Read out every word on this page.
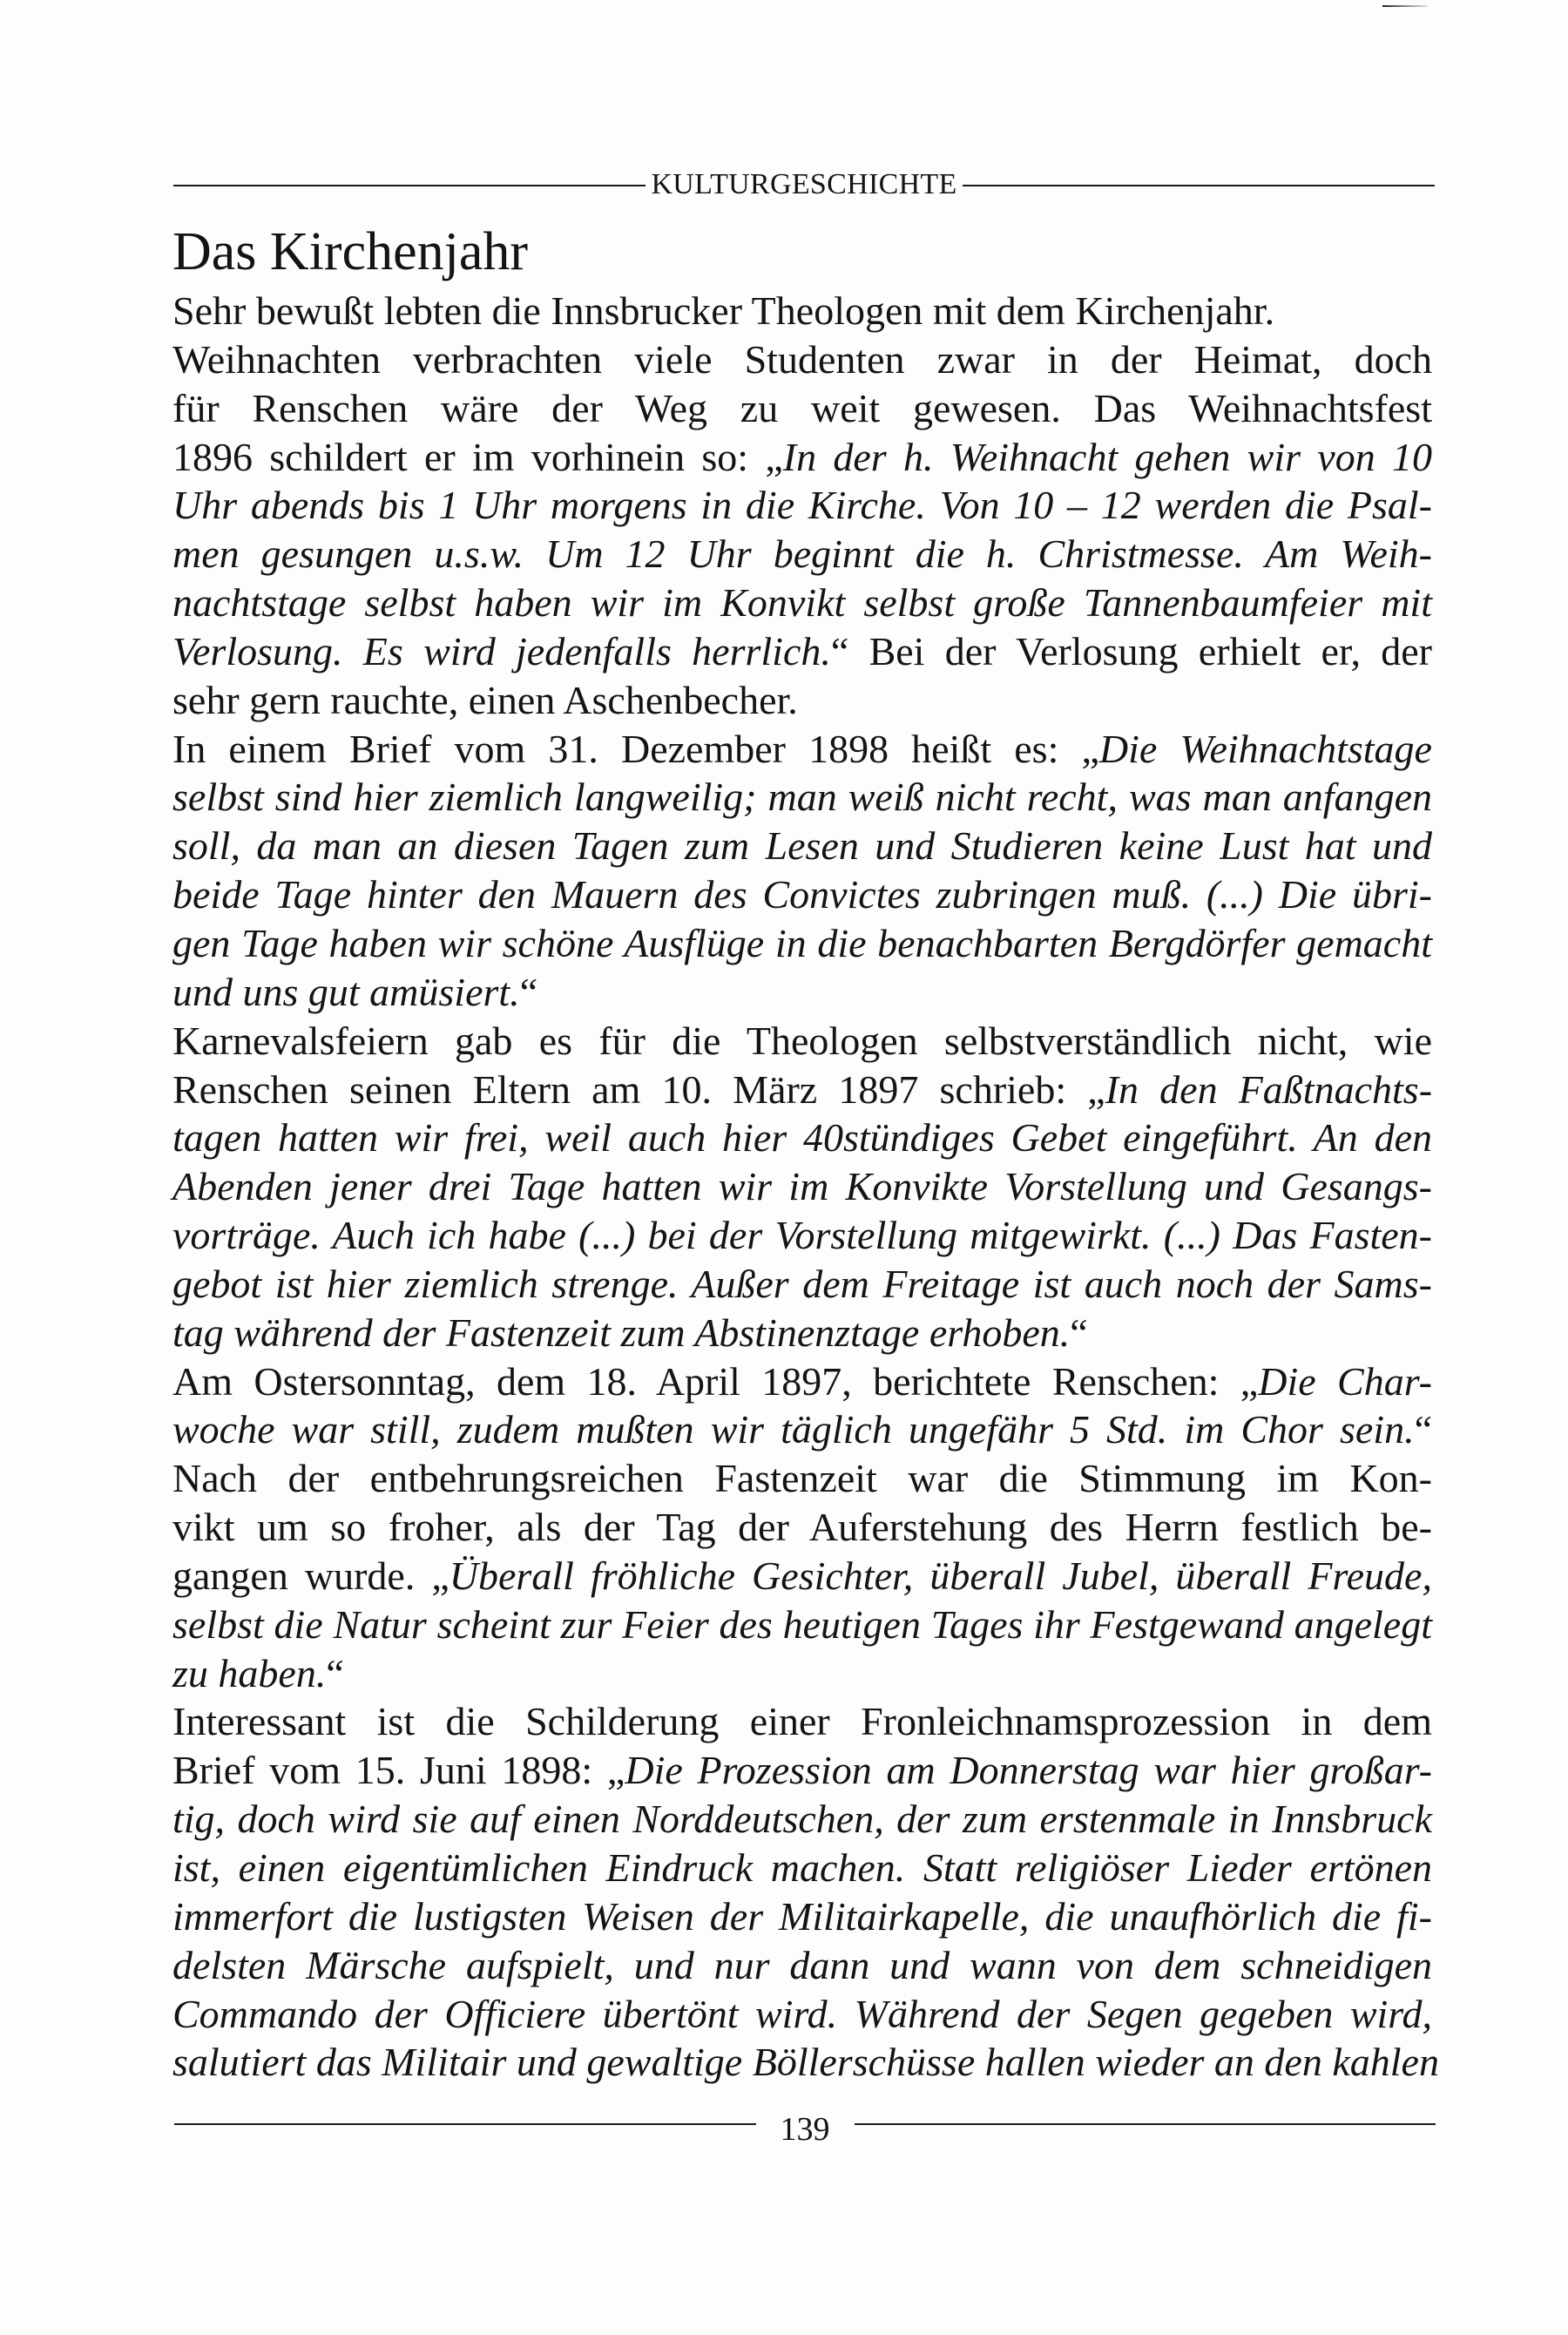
KULTURGESCHICHTE
Das Kirchenjahr
Sehr bewußt lebten die Innsbrucker Theologen mit dem Kirchenjahr.
Weihnachten verbrachten viele Studenten zwar in der Heimat, doch
für Renschen wäre der Weg zu weit gewesen. Das Weihnachtsfest
1896 schildert er im vorhinein so: „In der h. Weihnacht gehen wir von 10
Uhr abends bis 1 Uhr morgens in die Kirche. Von 10 – 12 werden die Psal-
men gesungen u.s.w. Um 12 Uhr beginnt die h. Christmesse. Am Weih-
nachtstage selbst haben wir im Konvikt selbst große Tannenbaumfeier mit
Verlosung. Es wird jedenfalls herrlich.“ Bei der Verlosung erhielt er, der
sehr gern rauchte, einen Aschenbecher.
In einem Brief vom 31. Dezember 1898 heißt es: „Die Weihnachtstage
selbst sind hier ziemlich langweilig; man weiß nicht recht, was man anfangen
soll, da man an diesen Tagen zum Lesen und Studieren keine Lust hat und
beide Tage hinter den Mauern des Convictes zubringen muß. (...) Die übri-
gen Tage haben wir schöne Ausflüge in die benachbarten Bergdörfer gemacht
und uns gut amüsiert.“
Karnevalsfeiern gab es für die Theologen selbstverständlich nicht, wie
Renschen seinen Eltern am 10. März 1897 schrieb: „In den Faßtnachts-
tagen hatten wir frei, weil auch hier 40stündiges Gebet eingeführt. An den
Abenden jener drei Tage hatten wir im Konvikte Vorstellung und Gesangs-
vorträge. Auch ich habe (...) bei der Vorstellung mitgewirkt. (...) Das Fasten-
gebot ist hier ziemlich strenge. Außer dem Freitage ist auch noch der Sams-
tag während der Fastenzeit zum Abstinenztage erhoben.“
Am Ostersonntag, dem 18. April 1897, berichtete Renschen: „Die Char-
woche war still, zudem mußten wir täglich ungefähr 5 Std. im Chor sein.“
Nach der entbehrungsreichen Fastenzeit war die Stimmung im Kon-
vikt um so froher, als der Tag der Auferstehung des Herrn festlich be-
gangen wurde. „Überall fröhliche Gesichter, überall Jubel, überall Freude,
selbst die Natur scheint zur Feier des heutigen Tages ihr Festgewand angelegt
zu haben.“
Interessant ist die Schilderung einer Fronleichnamsprozession in dem
Brief vom 15. Juni 1898: „Die Prozession am Donnerstag war hier großar-
tig, doch wird sie auf einen Norddeutschen, der zum erstenmale in Innsbruck
ist, einen eigentümlichen Eindruck machen. Statt religiöser Lieder ertönen
immerfort die lustigsten Weisen der Militairkapelle, die unaufhörlich die fi-
delsten Märsche aufspielt, und nur dann und wann von dem schneidigen
Commando der Officiere übertönt wird. Während der Segen gegeben wird,
salutiert das Militair und gewaltige Böllerschüsse hallen wieder an den kahlen
139
